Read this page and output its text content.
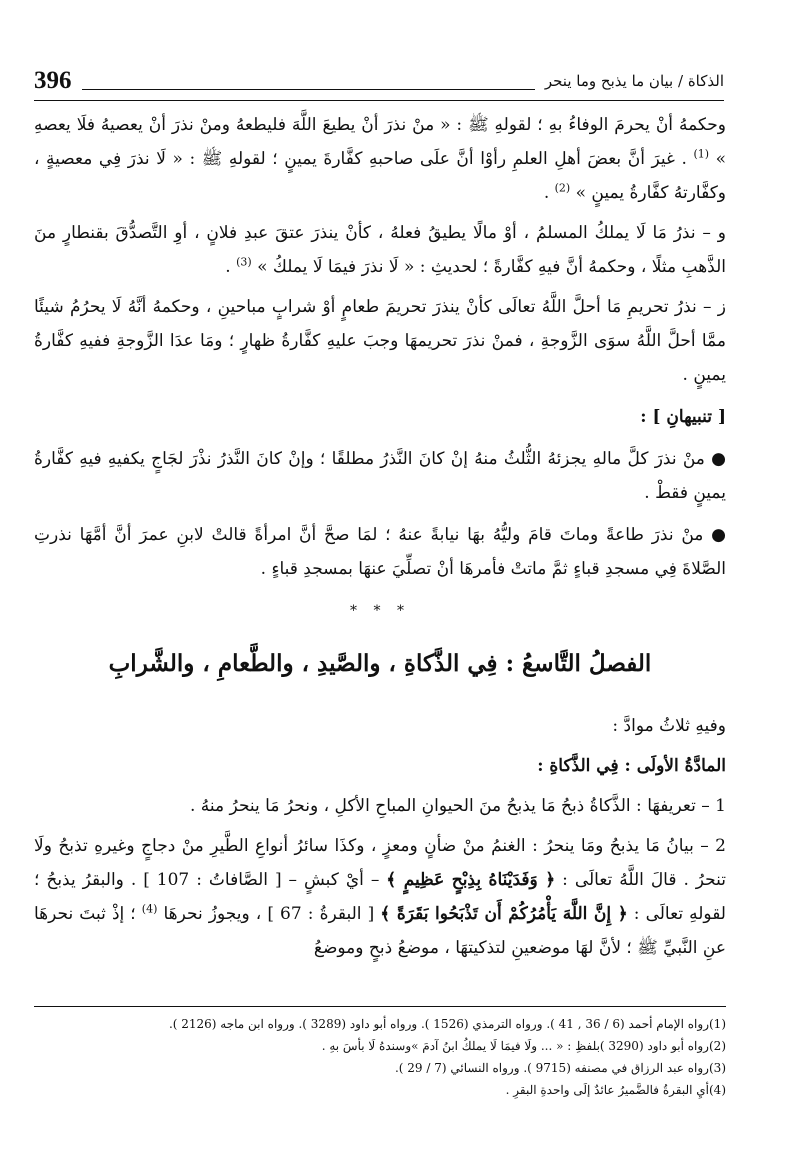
396	الذكاة / بيان ما يذبح وما ينحر

وحكمهُ أنْ يحرمَ الوفاءُ بهِ ؛ لقولهِ ﷺ : « منْ نذرَ أنْ يطيعَ اللَّهَ فليطعهُ ومنْ نذرَ أنْ يعصيهُ فلَا يعصهِ » $^{(1)}$ . غيرَ أنَّ بعضَ أهلِ العلمِ رأوْا أنَّ علَى صاحبهِ كفَّارةَ يمينٍ ؛ لقولهِ ﷺ : « لَا نذرَ فِي معصيةٍ ، وكفَّارتهُ كفَّارةُ يمينٍ » $^{(2)}$ .

و – نذرُ مَا لَا يملكُ المسلمُ ، أوْ مالًا يطيقُ فعلهُ ، كأنْ ينذرَ عتقَ عبدِ فلانٍ ، أوِ التَّصدُّقَ بقنطارٍ منَ الذَّهبِ مثلًا ، وحكمهُ أنَّ فيهِ كفَّارةً ؛ لحديثِ : « لَا نذرَ فيمَا لَا يملكُ » $^{(3)}$ .

ز – نذرُ تحريمِ مَا أحلَّ اللَّهُ تعالَى كأنْ ينذرَ تحريمَ طعامٍ أوْ شرابٍ مباحينِ ، وحكمهُ أنَّهُ لَا يحرُمُ شيئًا ممَّا أحلَّ اللَّهُ سوَى الزَّوجةِ ، فمنْ نذرَ تحريمهَا وجبَ عليهِ كفَّارةُ ظهارٍ ؛ ومَا عدَا الزَّوجةِ ففيهِ كفَّارةُ يمينٍ .

[ تنبيهانِ ] :

● منْ نذرَ كلَّ مالهِ يجزئهُ الثُّلثُ منهُ إنْ كانَ النَّذرُ مطلقًا ؛ وإنْ كانَ النَّذرُ نذْرَ لجَاجٍ يكفيهِ فيهِ كفَّارةُ يمينٍ فقطْ .

● منْ نذرَ طاعةً وماتَ قامَ وليُّهُ بهَا نيابةً عنهُ ؛ لمَا صحَّ أنَّ امرأةً قالتْ لابنِ عمرَ أنَّ أمَّهَا نذرتِ الصَّلاةَ فِي مسجدِ قباءٍ ثمَّ ماتتْ فأمرهَا أنْ تصلِّيَ عنهَا بمسجدِ قباءٍ .

* * *

الفصلُ التَّاسعُ : فِي الذَّكاةِ ، والصَّيدِ ، والطَّعامِ ، والشَّرابِ

وفيهِ ثلاثُ موادَّ :

المادَّةُ الأولَى : فِي الذَّكاةِ :

1 – تعريفهَا : الذَّكاةُ ذبحُ مَا يذبحُ منَ الحيوانِ المباحِ الأكلِ ، ونحرُ مَا ينحرُ منهُ .

2 – بيانُ مَا يذبحُ ومَا ينحرُ : الغنمُ منْ ضأنٍ ومعزٍ ، وكذَا سائرُ أنواعِ الطَّيرِ منْ دجاجٍ وغيرهِ تذبحُ ولَا تنحرُ . قالَ اللَّهُ تعالَى : ﴿ وَفَدَيْنَاهُ بِذِبْحٍ عَظِيمٍ ﴾ – أيْ كبشٍ – [ الصَّافاتُ : 107 ] . والبقرُ يذبحُ ؛ لقولهِ تعالَى : ﴿ إِنَّ اللَّهَ يَأْمُرُكُمْ أَن تَذْبَحُوا بَقَرَةً ﴾ [ البقرةُ : 67 ] ، ويجوزُ نحرهَا $^{(4)}$ ؛ إذْ ثبتَ نحرهَا عنِ النَّبيِّ ﷺ ؛ لأنَّ لهَا موضعينِ لتذكيتهَا ، موضعُ ذبحٍ وموضعُ

(1)رواه الإمام أحمد (6 / 36 , 41 ). ورواه الترمذي (1526 ). ورواه أبو داود (3289 ). ورواه ابن ماجه (2126 ).

(2)رواه أبو داود (3290 )بلفظِ : « ... ولَا فيمَا لَا يملكُ ابنُ آدمَ »وسندهُ لَا بأسَ بهِ .

(3)رواه عبد الرزاق في مصنفه (9715 ). ورواه النسائي (7 / 29 ).

(4)أيِ البقرةُ فالضَّميرُ عائدٌ إلَى واحدةِ البقرِ .
